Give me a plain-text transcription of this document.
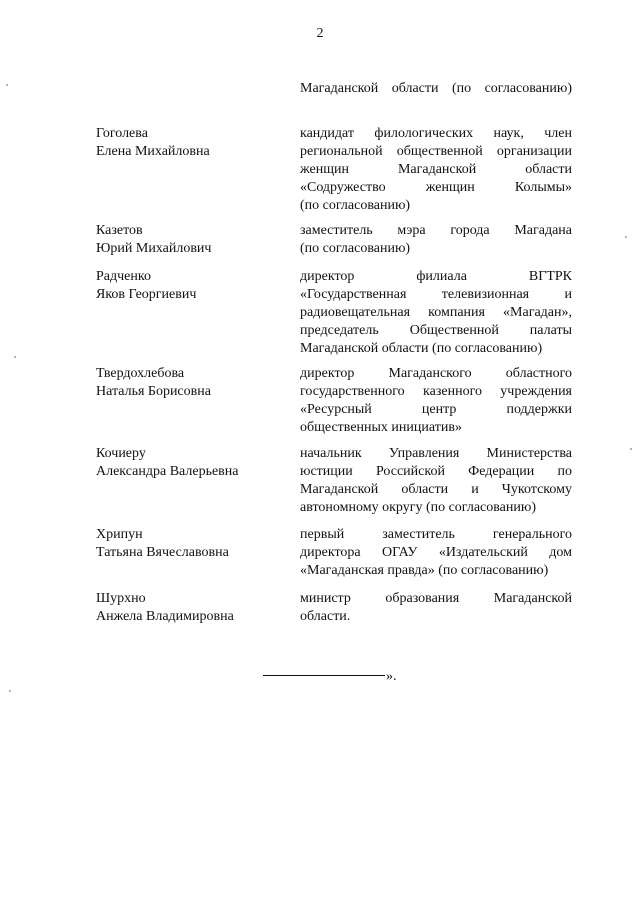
2
Магаданской области (по согласованию)
Гоголева
Елена Михайловна
кандидат филологических наук, член
региональной общественной организации
женщин Магаданской области
«Содружество женщин Колымы»
(по согласованию)
Казетов
Юрий Михайлович
заместитель мэра города Магадана
(по согласованию)
Радченко
Яков Георгиевич
директор филиала ВГТРК
«Государственная телевизионная и
радиовещательная компания «Магадан»,
председатель Общественной палаты
Магаданской области (по согласованию)
Твердохлебова
Наталья Борисовна
директор Магаданского областного
государственного казенного учреждения
«Ресурсный центр поддержки
общественных инициатив»
Кочиеру
Александра Валерьевна
начальник Управления Министерства
юстиции Российской Федерации по
Магаданской области и Чукотскому
автономному округу (по согласованию)
Хрипун
Татьяна Вячеславовна
первый заместитель генерального
директора ОГАУ «Издательский дом
«Магаданская правда» (по согласованию)
Шурхно
Анжела Владимировна
министр образования Магаданской
области.
».
